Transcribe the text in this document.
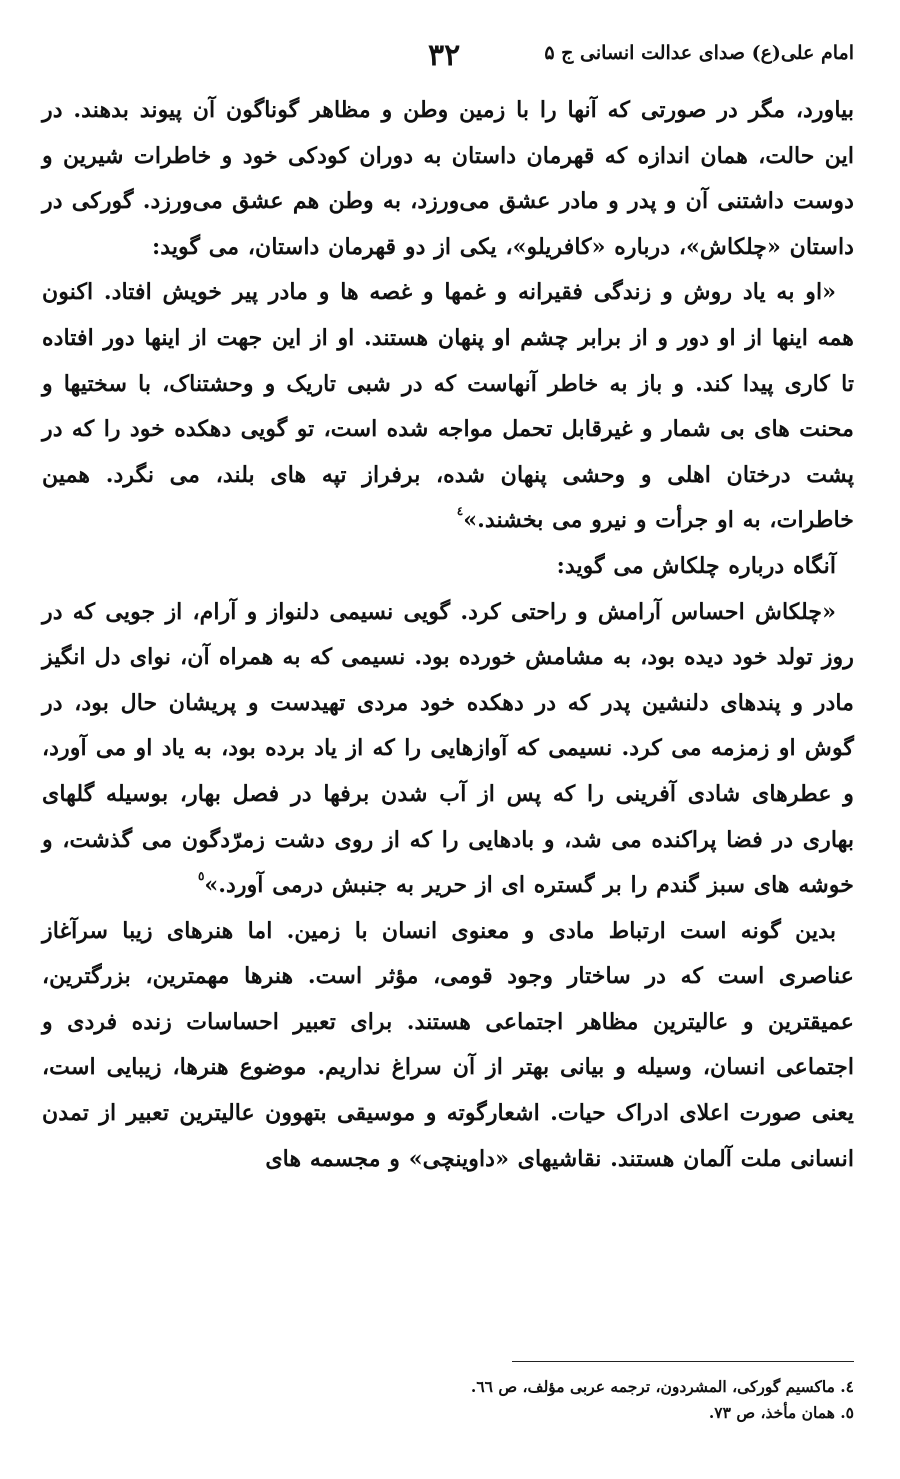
امام علی(ع) صدای عدالت انسانی ج ۵
٣٢

بیاورد، مگر در صورتی که آنها را با زمین وطن و مظاهر گوناگون آن پیوند بدهند. در این حالت، همان اندازه که قهرمان داستان به دوران کودکی خود و خاطرات شیرین و دوست داشتنی آن و پدر و مادر عشق می‌ورزد، به وطن هم عشق می‌ورزد. گورکی در داستان «چلکاش»، درباره «کافریلو»، یکی از دو قهرمان داستان، می گوید:

«او به یاد روش و زندگی فقیرانه و غمها و غصه ها و مادر پیر خویش افتاد. اکنون همه اینها از او دور و از برابر چشم او پنهان هستند. او از این جهت از اینها دور افتاده تا کاری پیدا کند. و باز به خاطر آنهاست که در شبی تاریک و وحشتناک، با سختیها و محنت های بی شمار و غیرقابل تحمل مواجه شده است، تو گویی دهکده خود را که در پشت درختان اهلی و وحشی پنهان شده، برفراز تپه های بلند، می نگرد. همین خاطرات، به او جرأت و نیرو می بخشند.»$^٤$

آنگاه درباره چلکاش می گوید:

«چلکاش احساس آرامش و راحتی کرد. گویی نسیمی دلنواز و آرام، از جویی که در روز تولد خود دیده بود، به مشامش خورده بود. نسیمی که به همراه آن، نوای دل انگیز مادر و پندهای دلنشین پدر که در دهکده خود مردی تهیدست و پریشان حال بود، در گوش او زمزمه می کرد. نسیمی که آوازهایی را که از یاد برده بود، به یاد او می آورد، و عطرهای شادی آفرینی را که پس از آب شدن برفها در فصل بهار، بوسیله گلهای بهاری در فضا پراکنده می شد، و بادهایی را که از روی دشت زمرّدگون می گذشت، و خوشه های سبز گندم را بر گستره ای از حریر به جنبش درمی آورد.»$^٥$

بدین گونه است ارتباط مادی و معنوی انسان با زمین. اما هنرهای زیبا سرآغاز عناصری است که در ساختار وجود قومی، مؤثر است. هنرها مهمترین، بزرگترین، عمیقترین و عالیترین مظاهر اجتماعی هستند. برای تعبیر احساسات زنده فردی و اجتماعی انسان، وسیله و بیانی بهتر از آن سراغ نداریم. موضوع هنرها، زیبایی است، یعنی صورت اعلای ادراک حیات. اشعارگوته و موسیقی بتهوون عالیترین تعبیر از تمدن انسانی ملت آلمان هستند. نقاشیهای «داوینچی» و مجسمه های

٤. ماکسیم گورکی، المشردون، ترجمه عربی مؤلف، ص ٦٦.

٥. همان مأخذ، ص ٧٣.
